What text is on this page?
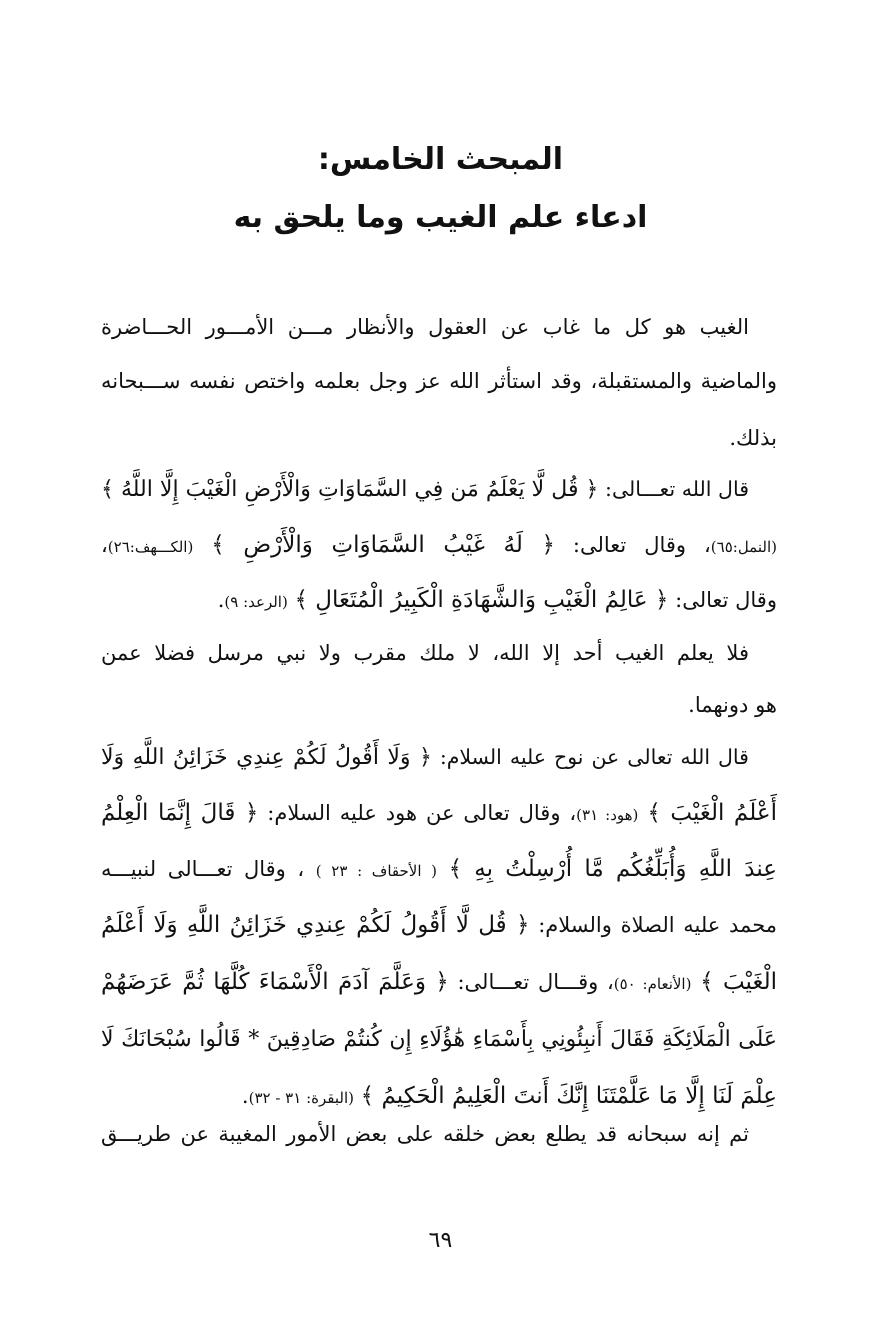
المبحث الخامس:
ادعاء علم الغيب وما يلحق به
الغيب هو كل ما غاب عن العقول والأنظار مـــن الأمـــور الحـــاضرة
والماضية والمستقبلة، وقد استأثر الله عز وجل بعلمه واختص نفسه ســـبحانه
بذلك.
قال الله تعـــالى: ﴿ قُل لَّا يَعْلَمُ مَن فِي السَّمَاوَاتِ وَالْأَرْضِ الْغَيْبَ إِلَّا اللَّهُ ﴾
(النمل:٦٥)، وقال تعالى: ﴿ لَهُ غَيْبُ السَّمَاوَاتِ وَالْأَرْضِ ﴾ (الكـــهف:٢٦)،
وقال تعالى: ﴿ عَالِمُ الْغَيْبِ وَالشَّهَادَةِ الْكَبِيرُ الْمُتَعَالِ ﴾ (الرعد: ٩).
فلا يعلم الغيب أحد إلا الله، لا ملك مقرب ولا نبي مرسل فضلا عمن
هو دونهما.
قال الله تعالى عن نوح عليه السلام: ﴿ وَلَا أَقُولُ لَكُمْ عِندِي خَزَائِنُ اللَّهِ وَلَا
أَعْلَمُ الْغَيْبَ ﴾ (هود: ٣١)، وقال تعالى عن هود عليه السلام: ﴿ قَالَ إِنَّمَا الْعِلْمُ
عِندَ اللَّهِ وَأُبَلِّغُكُم مَّا أُرْسِلْتُ بِهِ ﴾ ( الأحقاف : ٢٣ ) ، وقال تعـــالى لنبيـــه
محمد عليه الصلاة والسلام: ﴿ قُل لَّا أَقُولُ لَكُمْ عِندِي خَزَائِنُ اللَّهِ وَلَا أَعْلَمُ
الْغَيْبَ ﴾ (الأنعام: ٥٠)، وقـــال تعـــالى: ﴿ وَعَلَّمَ آدَمَ الْأَسْمَاءَ كُلَّهَا ثُمَّ عَرَضَهُمْ
عَلَى الْمَلَائِكَةِ فَقَالَ أَنبِئُونِي بِأَسْمَاءِ هَٰؤُلَاءِ إِن كُنتُمْ صَادِقِينَ * قَالُوا سُبْحَانَكَ لَا
عِلْمَ لَنَا إِلَّا مَا عَلَّمْتَنَا إِنَّكَ أَنتَ الْعَلِيمُ الْحَكِيمُ ﴾ (البقرة: ٣١ - ٣٢).
ثم إنه سبحانه قد يطلع بعض خلقه على بعض الأمور المغيبة عن طريـــق
٦٩
